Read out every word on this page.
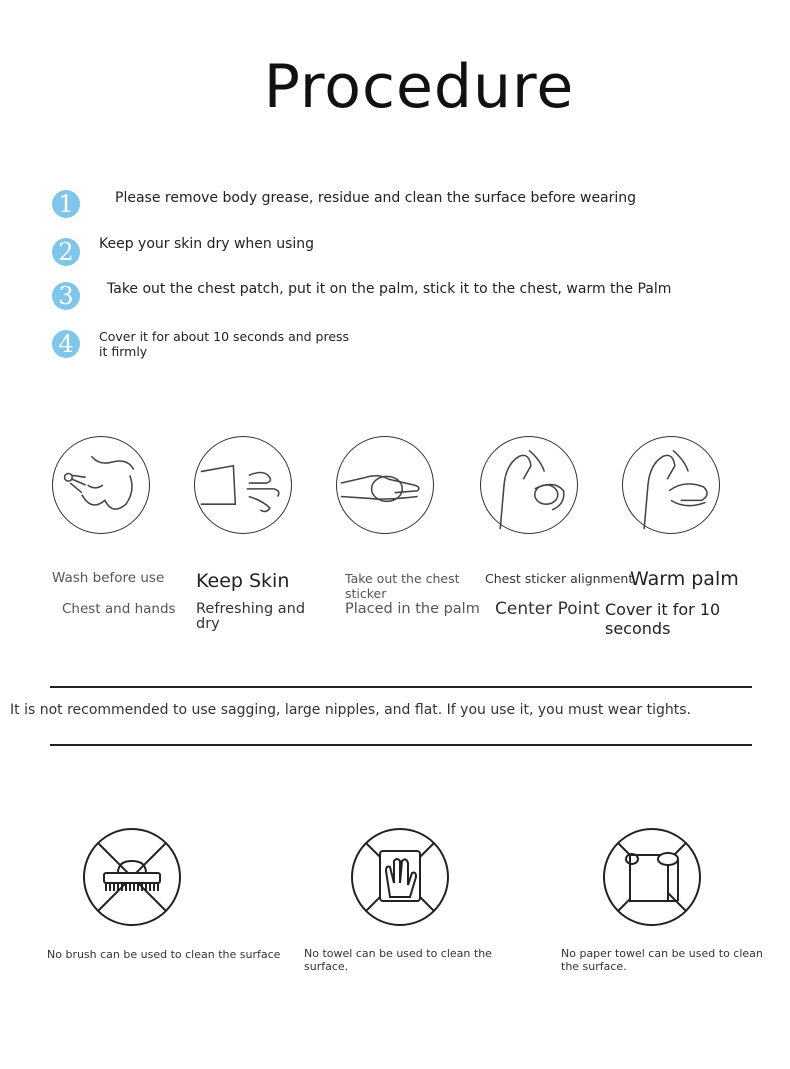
Procedure
1	Please remove body grease, residue and clean the surface before wearing
2	Keep your skin dry when using
3	Take out the chest patch, put it on the palm, stick it to the chest, warm the Palm
4	Cover it for about 10 seconds and press it firmly
Wash before use
Chest and hands
Keep Skin
Refreshing and dry
Take out the chest sticker
Placed in the palm
Chest sticker alignment
Center Point
Warm palm
Cover it for 10 seconds
It is not recommended to use sagging, large nipples, and flat. If you use it, you must wear tights.
No brush can be used to clean the surface No towel can be used to clean the surface.
No paper towel can be used to clean the surface.
